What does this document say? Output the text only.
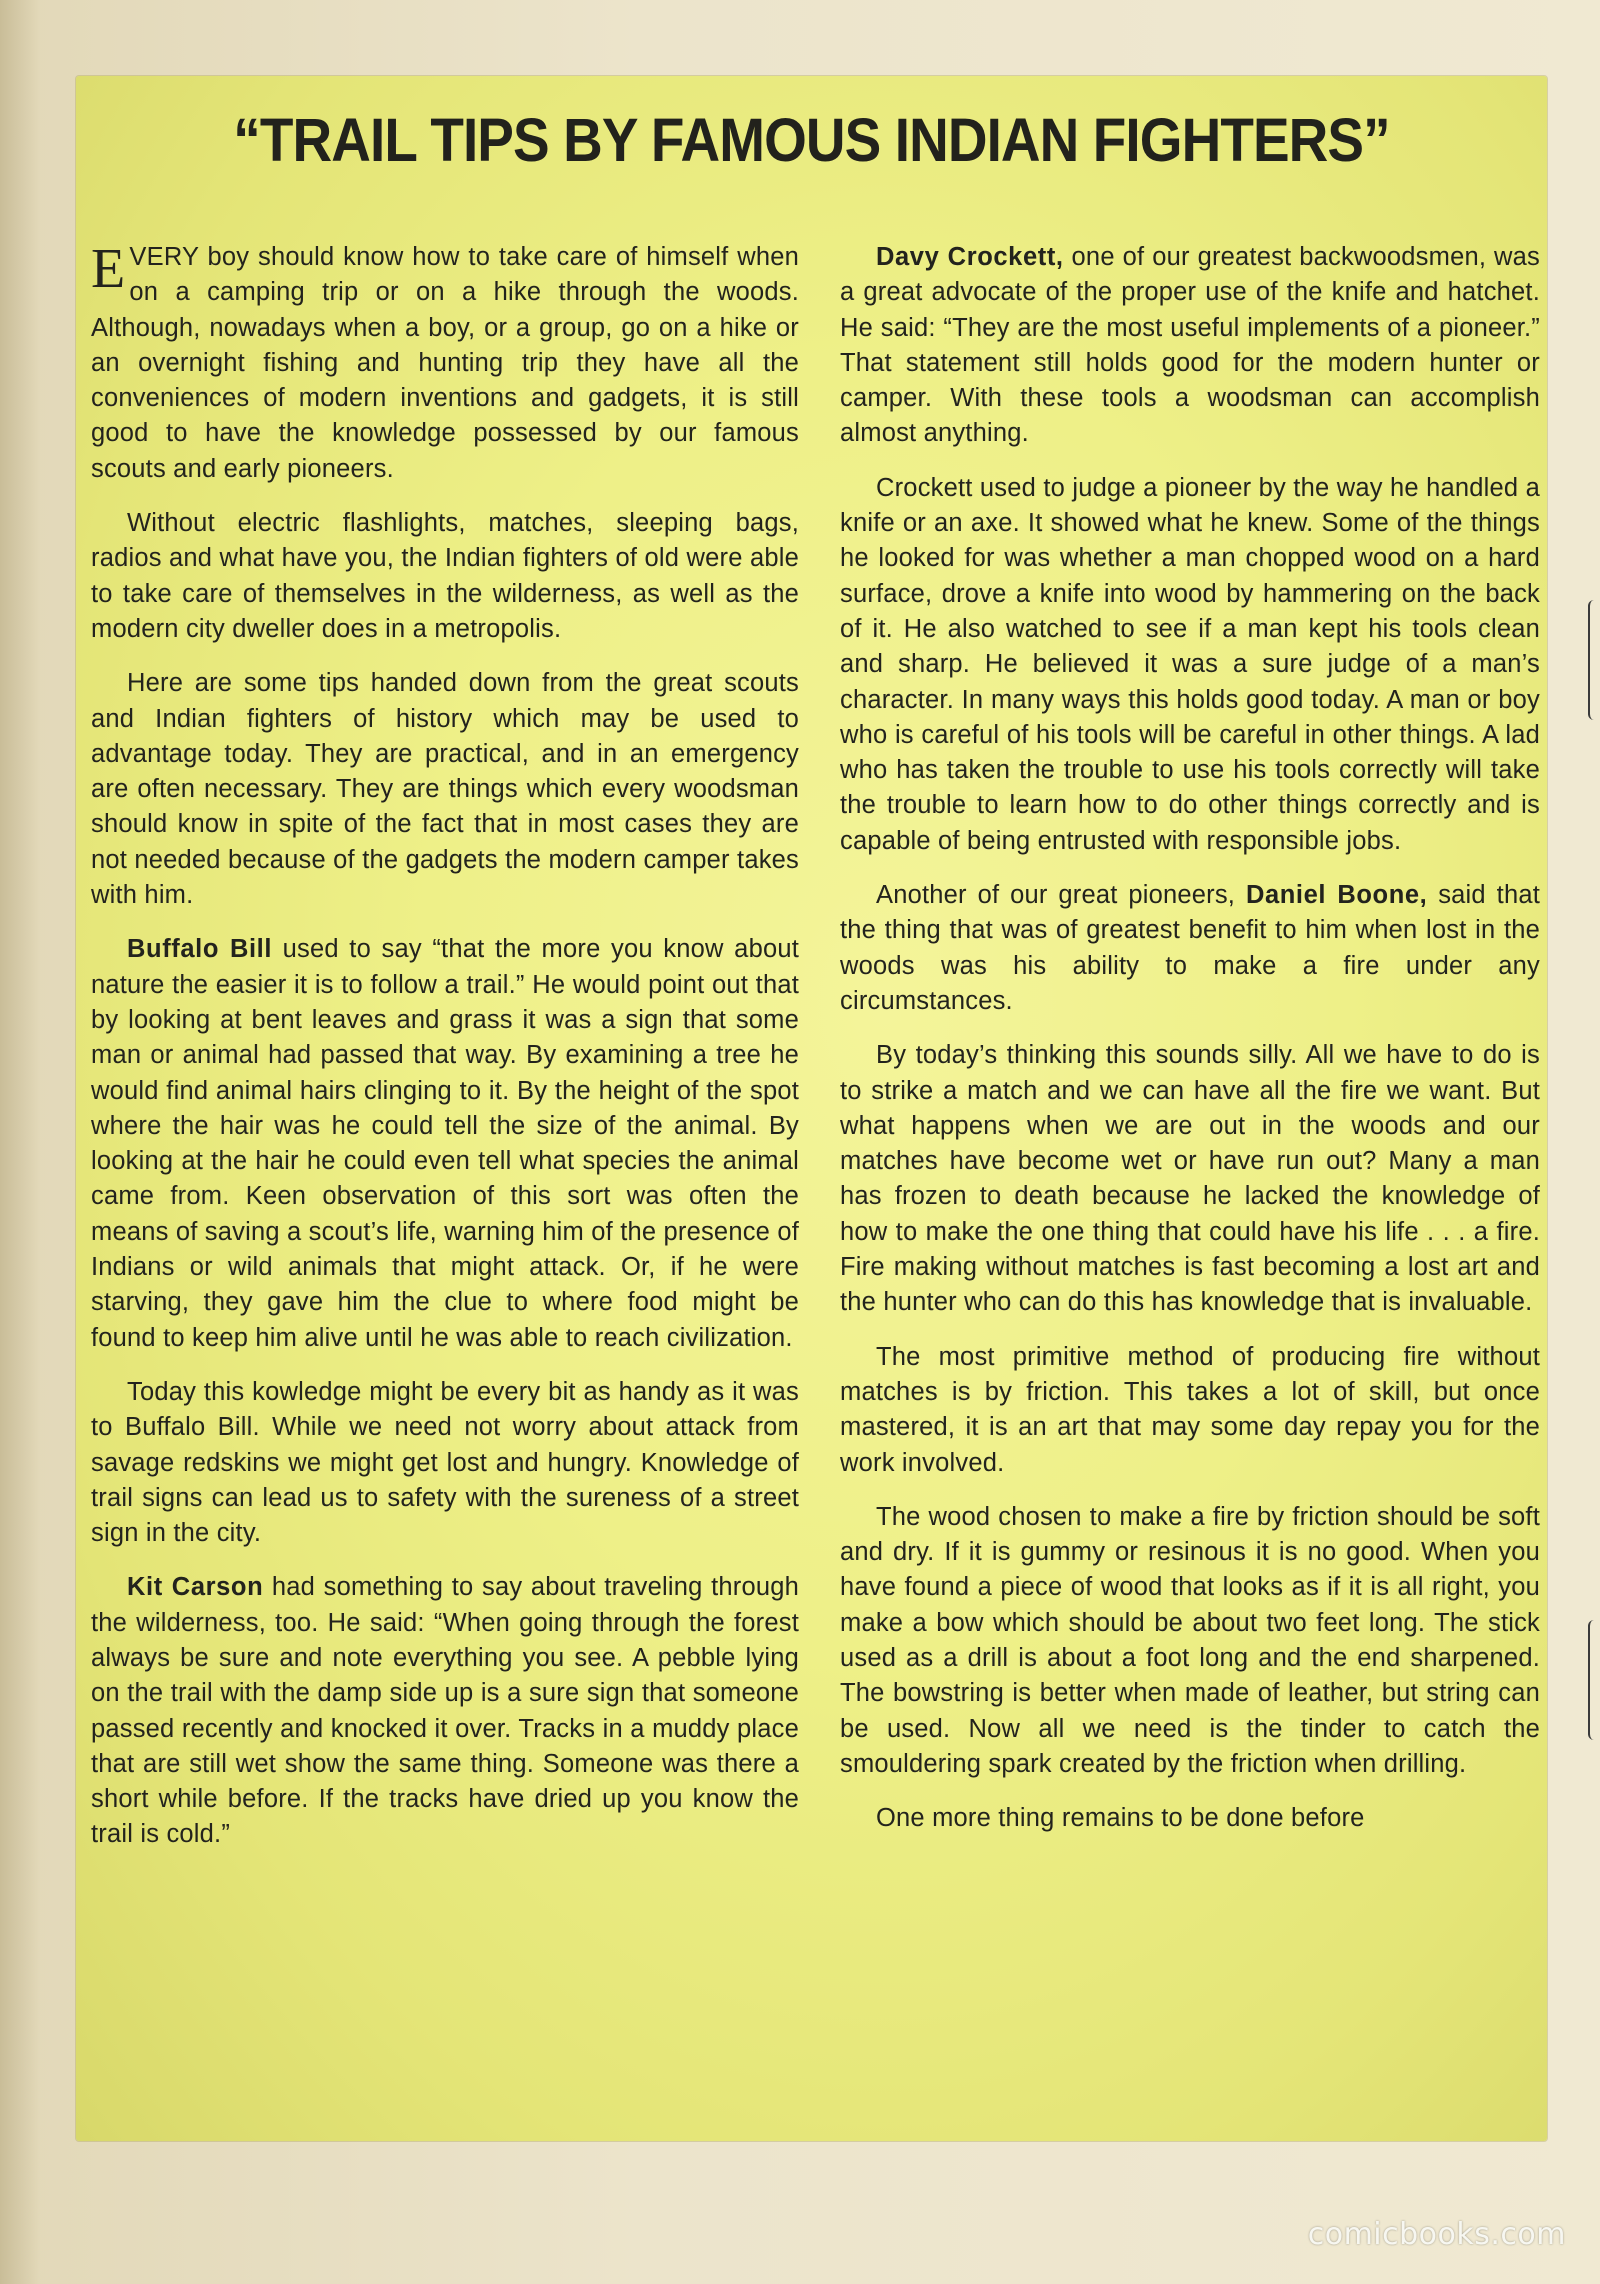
“TRAIL TIPS BY FAMOUS INDIAN FIGHTERS”

EVERY boy should know how to take care of himself when on a camping trip or on a hike through the woods. Although, nowadays when a boy, or a group, go on a hike or an overnight fishing and hunting trip they have all the conveniences of modern inventions and gadgets, it is still good to have the knowledge possessed by our famous scouts and early pioneers.

Without electric flashlights, matches, sleeping bags, radios and what have you, the Indian fighters of old were able to take care of themselves in the wilderness, as well as the modern city dweller does in a metropolis.

Here are some tips handed down from the great scouts and Indian fighters of history which may be used to advantage today. They are practical, and in an emergency are often necessary. They are things which every woodsman should know in spite of the fact that in most cases they are not needed because of the gadgets the modern camper takes with him.

Buffalo Bill used to say “that the more you know about nature the easier it is to follow a trail.” He would point out that by looking at bent leaves and grass it was a sign that some man or animal had passed that way. By examining a tree he would find animal hairs clinging to it. By the height of the spot where the hair was he could tell the size of the animal. By looking at the hair he could even tell what species the animal came from. Keen observation of this sort was often the means of saving a scout’s life, warning him of the presence of Indians or wild animals that might attack. Or, if he were starving, they gave him the clue to where food might be found to keep him alive until he was able to reach civilization.

Today this kowledge might be every bit as handy as it was to Buffalo Bill. While we need not worry about attack from savage redskins we might get lost and hungry. Knowledge of trail signs can lead us to safety with the sureness of a street sign in the city.

Kit Carson had something to say about traveling through the wilderness, too. He said: “When going through the forest always be sure and note everything you see. A pebble lying on the trail with the damp side up is a sure sign that someone passed recently and knocked it over. Tracks in a muddy place that are still wet show the same thing. Someone was there a short while before. If the tracks have dried up you know the trail is cold.”

Davy Crockett, one of our greatest backwoodsmen, was a great advocate of the proper use of the knife and hatchet. He said: “They are the most useful implements of a pioneer.” That statement still holds good for the modern hunter or camper. With these tools a woodsman can accomplish almost anything.

Crockett used to judge a pioneer by the way he handled a knife or an axe. It showed what he knew. Some of the things he looked for was whether a man chopped wood on a hard surface, drove a knife into wood by hammering on the back of it. He also watched to see if a man kept his tools clean and sharp. He believed it was a sure judge of a man’s character. In many ways this holds good today. A man or boy who is careful of his tools will be careful in other things. A lad who has taken the trouble to use his tools correctly will take the trouble to learn how to do other things correctly and is capable of being entrusted with responsible jobs.

Another of our great pioneers, Daniel Boone, said that the thing that was of greatest benefit to him when lost in the woods was his ability to make a fire under any circumstances.

By today’s thinking this sounds silly. All we have to do is to strike a match and we can have all the fire we want. But what happens when we are out in the woods and our matches have become wet or have run out? Many a man has frozen to death because he lacked the knowledge of how to make the one thing that could have his life . . . a fire. Fire making without matches is fast becoming a lost art and the hunter who can do this has knowledge that is invaluable.

The most primitive method of producing fire without matches is by friction. This takes a lot of skill, but once mastered, it is an art that may some day repay you for the work involved.

The wood chosen to make a fire by friction should be soft and dry. If it is gummy or resinous it is no good. When you have found a piece of wood that looks as if it is all right, you make a bow which should be about two feet long. The stick used as a drill is about a foot long and the end sharpened. The bowstring is better when made of leather, but string can be used. Now all we need is the tinder to catch the smouldering spark created by the friction when drilling.

One more thing remains to be done before

comicbooks.com
